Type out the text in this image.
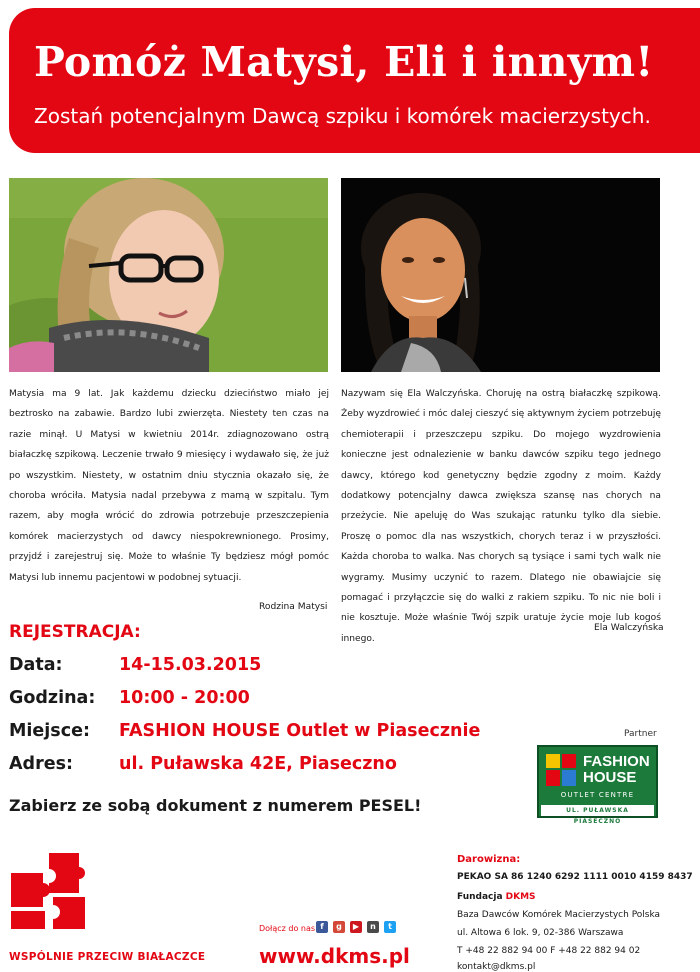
Pomóż Matysi, Eli i innym!
Zostań potencjalnym Dawcą szpiku i komórek macierzystych.
Matysia ma 9 lat. Jak każdemu dziecku dzieciństwo miało jej beztrosko na zabawie. Bardzo lubi zwierzęta. Niestety ten czas na razie minął. U Matysi w kwietniu 2014r. zdiagnozowano ostrą białaczkę szpikową. Leczenie trwało 9 miesięcy i wydawało się, że już po wszystkim. Niestety, w ostatnim dniu stycznia okazało się, że choroba wróciła. Matysia nadal przebywa z mamą w szpitalu. Tym razem, aby mogła wrócić do zdrowia potrzebuje przeszczepienia komórek macierzystych od dawcy niespokrewnionego. Prosimy, przyjdź i zarejestruj się. Może to właśnie Ty będziesz mógł pomóc Matysi lub innemu pacjentowi w podobnej sytuacji.
Rodzina Matysi
Nazywam się Ela Walczyńska. Choruję na ostrą białaczkę szpikową. Żeby wyzdrowieć i móc dalej cieszyć się aktywnym życiem potrzebuję chemioterapii i przeszczepu szpiku. Do mojego wyzdrowienia konieczne jest odnalezienie w banku dawców szpiku tego jednego dawcy, którego kod genetyczny będzie zgodny z moim. Każdy dodatkowy potencjalny dawca zwiększa szansę nas chorych na przeżycie. Nie apeluję do Was szukając ratunku tylko dla siebie. Proszę o pomoc dla nas wszystkich, chorych teraz i w przyszłości. Każda choroba to walka. Nas chorych są tysiące i sami tych walk nie wygramy. Musimy uczynić to razem. Dlatego nie obawiajcie się pomagać i przyłączcie się do walki z rakiem szpiku. To nic nie boli i nie kosztuje. Może właśnie Twój szpik uratuje życie moje lub kogoś innego.
Ela Walczyńska
REJESTRACJA:
Data:	14-15.03.2015
Godzina: 10:00 - 20:00
Miejsce: FASHION HOUSE Outlet w Piasecznie
Adres:	ul. Puławska 42E, Piaseczno
Zabierz ze sobą dokument z numerem PESEL!
Partner
FASHION
HOUSE
OUTLET CENTRE
UL. PUŁAWSKA PIASECZNO
DKMS
WSPÓLNIE PRZECIW BIAŁACZCE
Dołącz do nas f	g	▶	n	t
www.dkms.pl
Darowizna:
PEKAO SA 86 1240 6292 1111 0010 4159 8437
Fundacja DKMS
Baza Dawców Komórek Macierzystych Polska
ul. Altowa 6 lok. 9, 02-386 Warszawa
T +48 22 882 94 00 F +48 22 882 94 02
kontakt@dkms.pl
